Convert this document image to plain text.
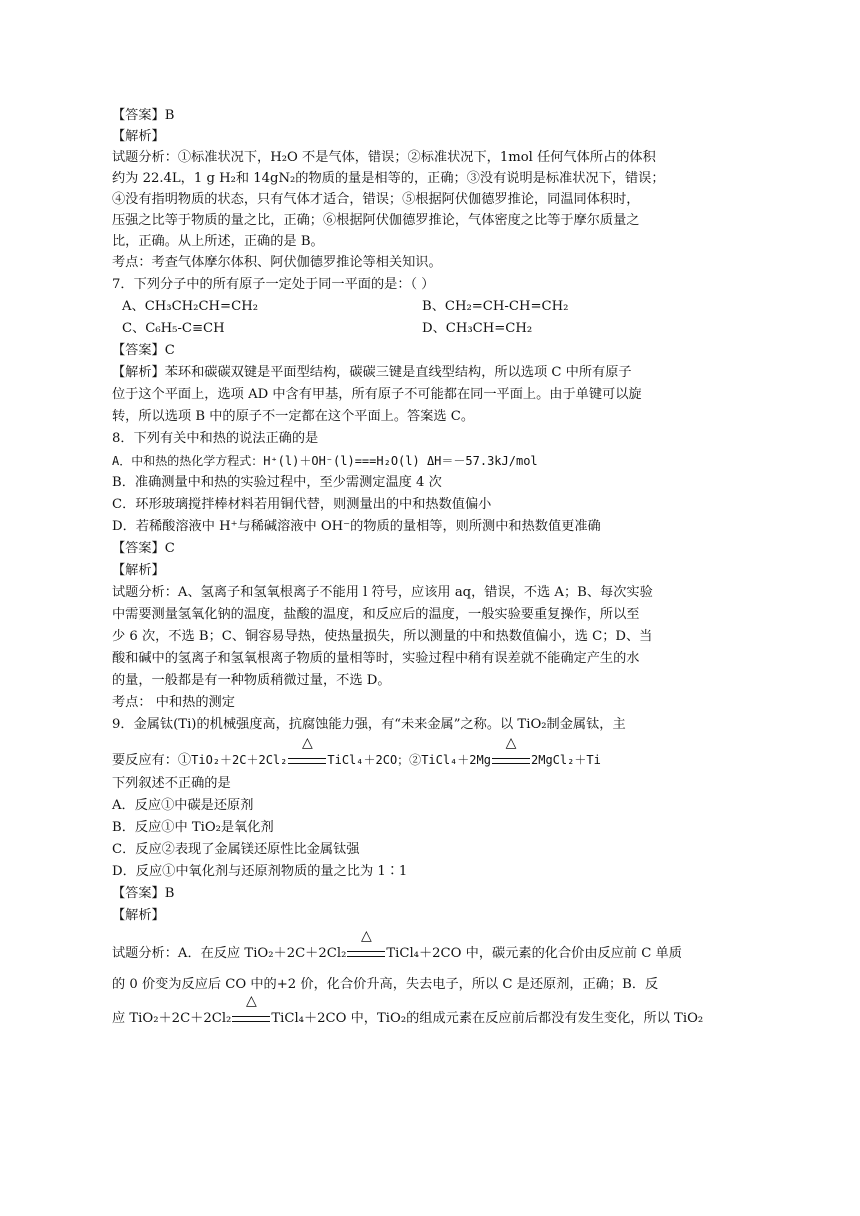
【答案】B
【解析】
试题分析：①标准状况下，H₂O 不是气体，错误；②标准状况下，1mol 任何气体所占的体积
约为 22.4L，1 g H₂和 14gN₂的物质的量是相等的，正确；③没有说明是标准状况下，错误；
④没有指明物质的状态，只有气体才适合，错误；⑤根据阿伏伽德罗推论，同温同体积时，
压强之比等于物质的量之比，正确；⑥根据阿伏伽德罗推论，气体密度之比等于摩尔质量之
比，正确。从上所述，正确的是 B。
考点：考查气体摩尔体积、阿伏伽德罗推论等相关知识。
7．下列分子中的所有原子一定处于同一平面的是：（ ）
A、CH₃CH₂CH=CH₂	B、CH₂=CH-CH=CH₂
C、C₆H₅-C≡CH	D、CH₃CH=CH₂
【答案】C
【解析】苯环和碳碳双键是平面型结构，碳碳三键是直线型结构，所以选项 C 中所有原子
位于这个平面上，选项 AD 中含有甲基，所有原子不可能都在同一平面上。由于单键可以旋
转，所以选项 B 中的原子不一定都在这个平面上。答案选 C。
8．下列有关中和热的说法正确的是
A．中和热的热化学方程式：H⁺(l)＋OH⁻(l)===H₂O(l) ΔH＝－57.3kJ/mol
B．准确测量中和热的实验过程中，至少需测定温度 4 次
C．环形玻璃搅拌棒材料若用铜代替，则测量出的中和热数值偏小
D．若稀酸溶液中 H⁺与稀碱溶液中 OH⁻的物质的量相等，则所测中和热数值更准确
【答案】C
【解析】
试题分析：A、氢离子和氢氧根离子不能用 l 符号，应该用 aq，错误，不选 A；B、每次实验
中需要测量氢氧化钠的温度，盐酸的温度，和反应后的温度，一般实验要重复操作，所以至
少 6 次，不选 B；C、铜容易导热，使热量损失，所以测量的中和热数值偏小，选 C；D、当
酸和碱中的氢离子和氢氧根离子物质的量相等时，实验过程中稍有误差就不能确定产生的水
的量，一般都是有一种物质稍微过量，不选 D。
考点： 中和热的测定
9．金属钛(Ti)的机械强度高，抗腐蚀能力强，有“未来金属”之称。以 TiO₂制金属钛，主
要反应有：①TiO₂＋2C＋2Cl₂
△
TiCl₄＋2CO；②TiCl₄＋2Mg
△
2MgCl₂＋Ti
下列叙述不正确的是
A．反应①中碳是还原剂
B．反应①中 TiO₂是氧化剂
C．反应②表现了金属镁还原性比金属钛强
D．反应①中氧化剂与还原剂物质的量之比为 1∶1
【答案】B
【解析】
试题分析：A．在反应 TiO₂＋2C＋2Cl₂
△
TiCl₄＋2CO 中，碳元素的化合价由反应前 C 单质
的 0 价变为反应后 CO 中的+2 价，化合价升高，失去电子，所以 C 是还原剂，正确；B．反
应 TiO₂＋2C＋2Cl₂
△
TiCl₄＋2CO 中，TiO₂的组成元素在反应前后都没有发生变化，所以 TiO₂
